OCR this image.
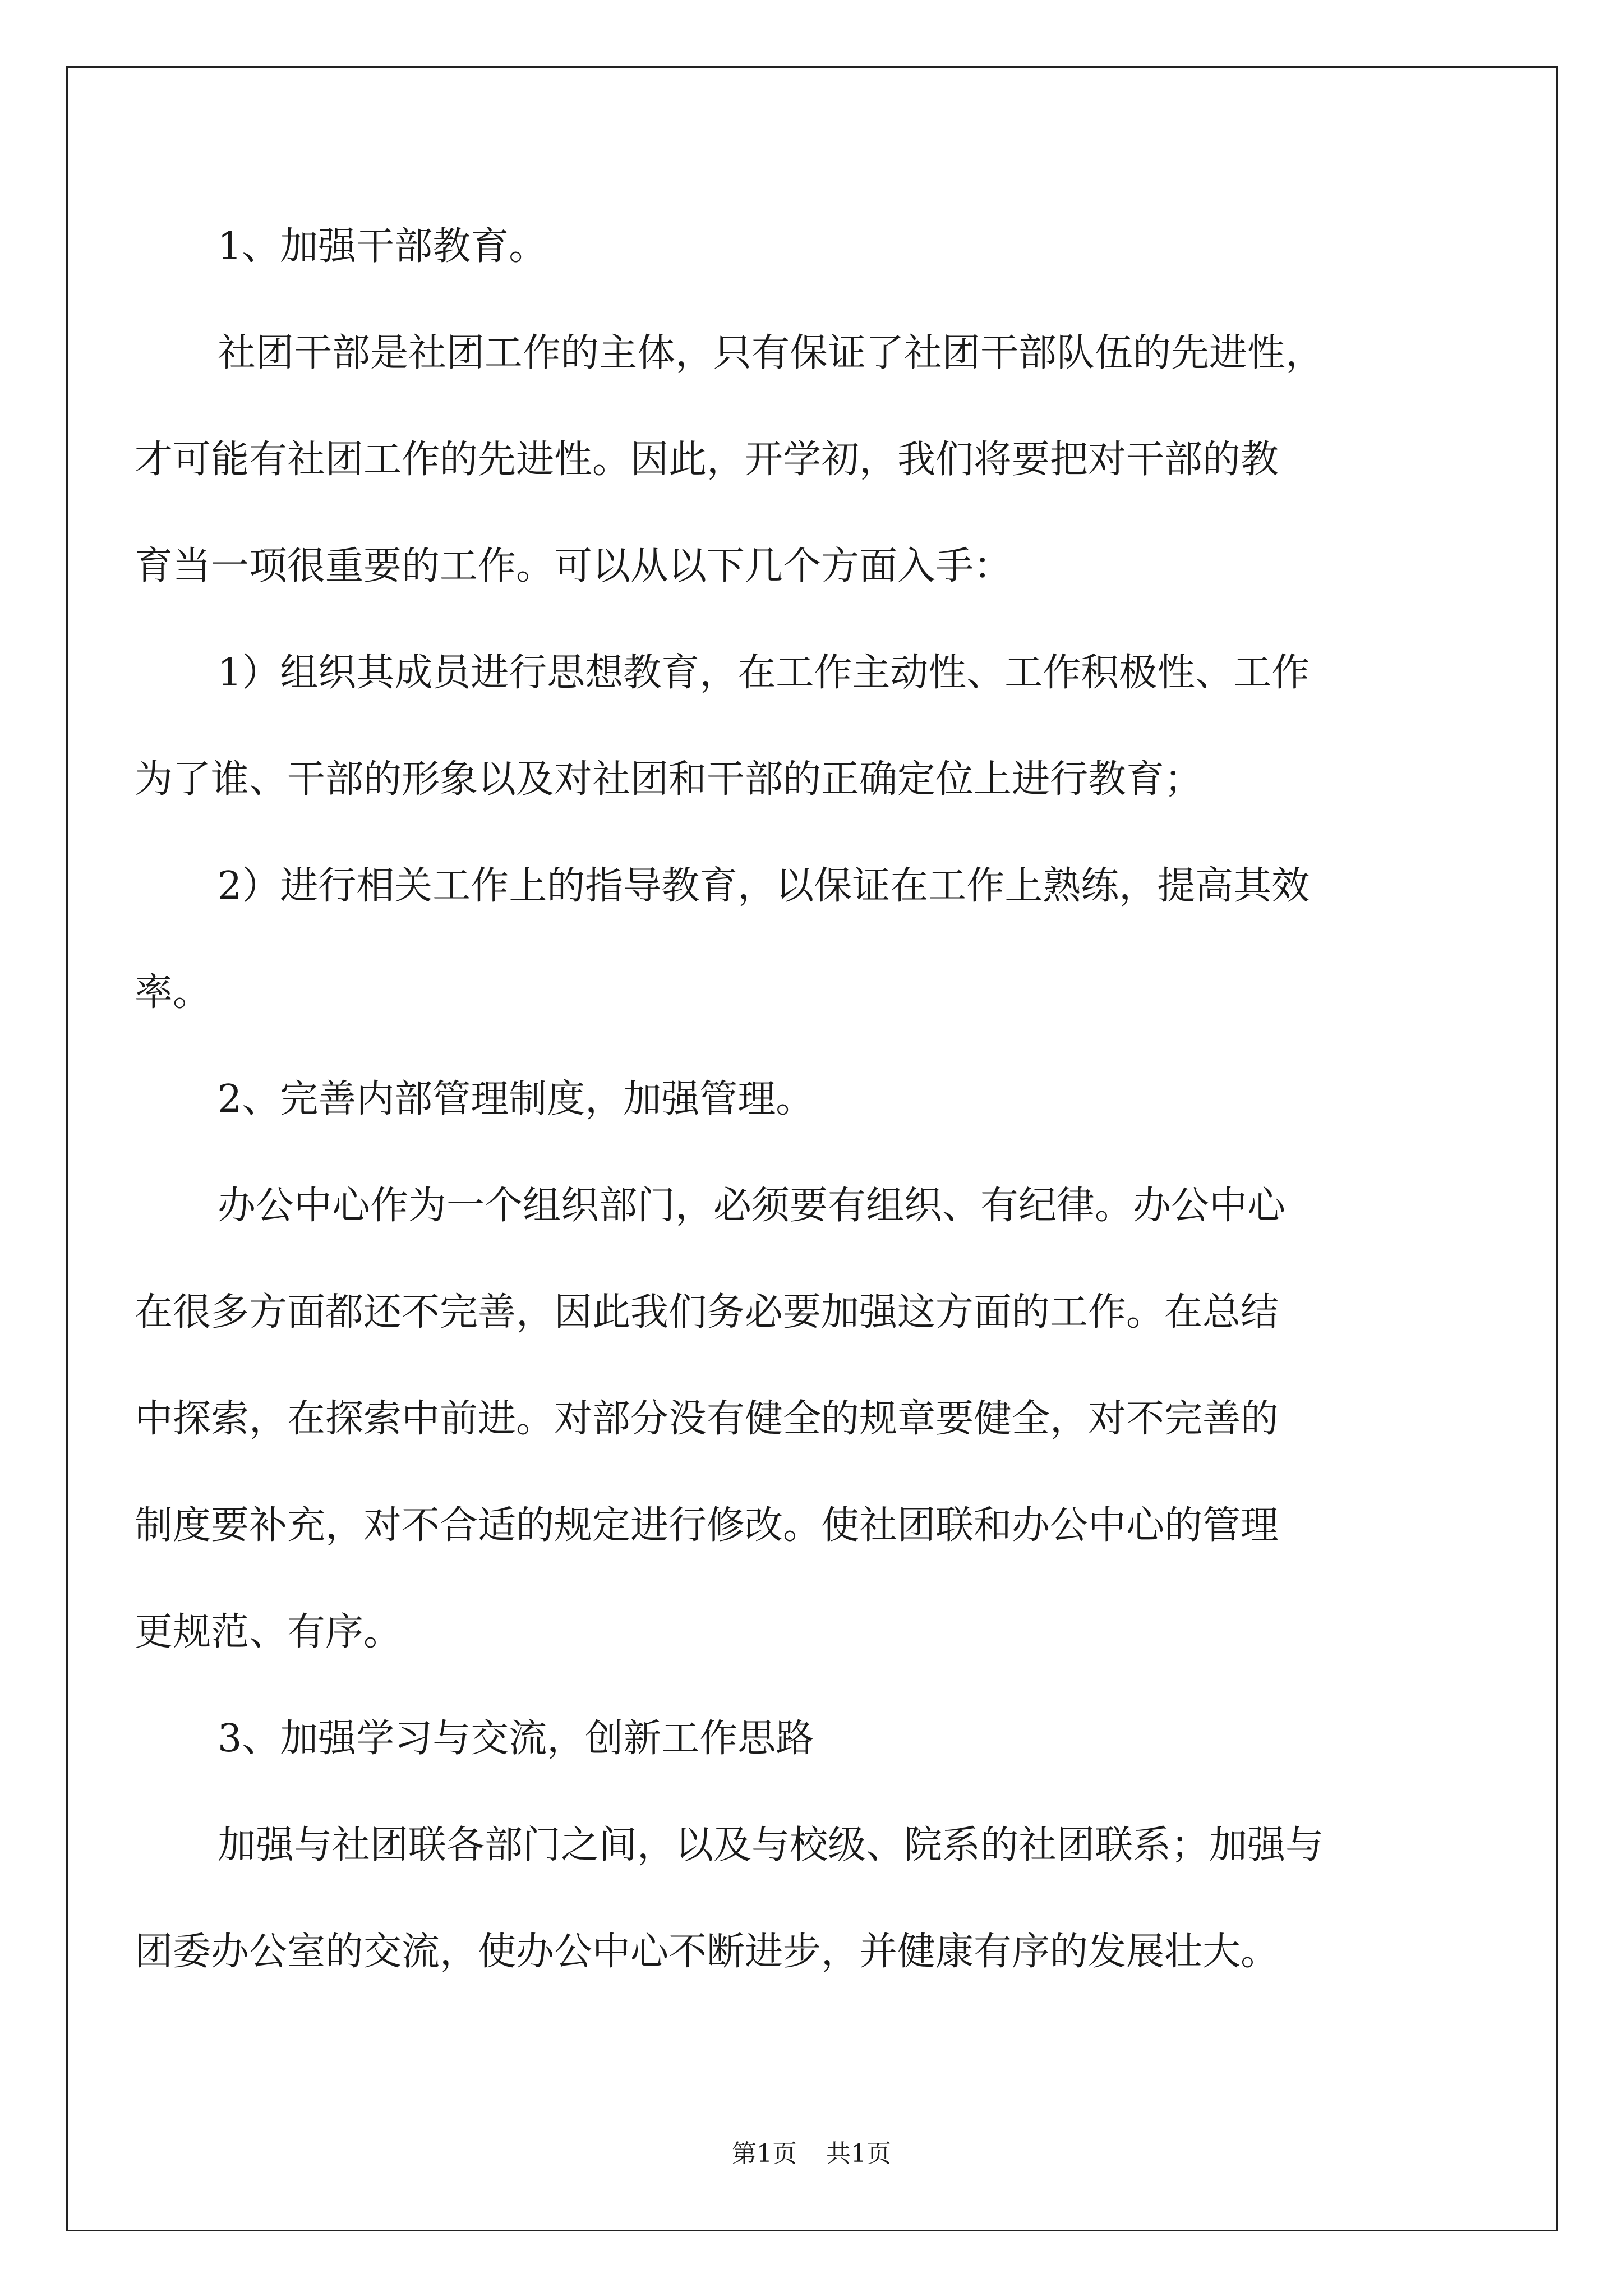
1、加强干部教育。

社团干部是社团工作的主体，只有保证了社团干部队伍的先进性，

才可能有社团工作的先进性。因此，开学初，我们将要把对干部的教

育当一项很重要的工作。可以从以下几个方面入手：

1）组织其成员进行思想教育，在工作主动性、工作积极性、工作

为了谁、干部的形象以及对社团和干部的正确定位上进行教育；

2）进行相关工作上的指导教育，以保证在工作上熟练，提高其效

率。

2、完善内部管理制度，加强管理。

办公中心作为一个组织部门，必须要有组织、有纪律。办公中心

在很多方面都还不完善，因此我们务必要加强这方面的工作。在总结

中探索，在探索中前进。对部分没有健全的规章要健全，对不完善的

制度要补充，对不合适的规定进行修改。使社团联和办公中心的管理

更规范、有序。

3、加强学习与交流，创新工作思路

加强与社团联各部门之间，以及与校级、院系的社团联系；加强与

团委办公室的交流，使办公中心不断进步，并健康有序的发展壮大。

第1页 共1页
